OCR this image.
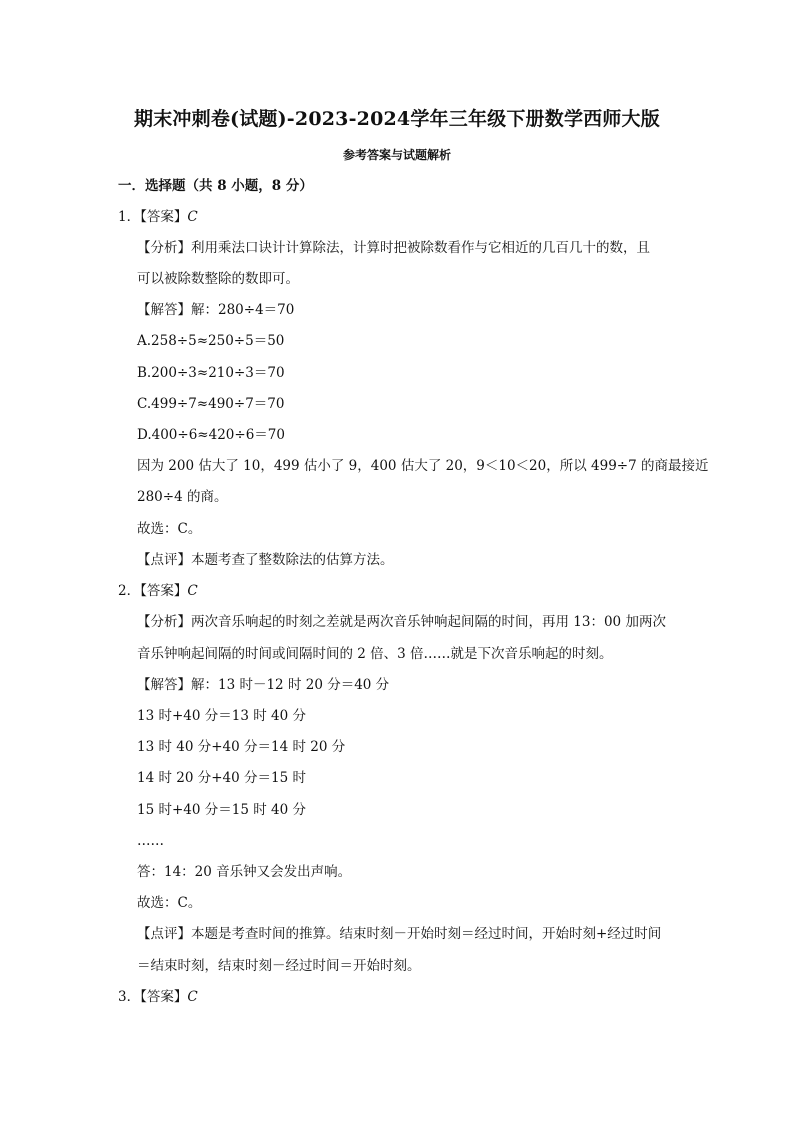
期末冲刺卷(试题)-2023-2024学年三年级下册数学西师大版
参考答案与试题解析
一．选择题（共 8 小题，8 分）
1．【答案】C
【分析】利用乘法口诀计计算除法，计算时把被除数看作与它相近的几百几十的数，且
可以被除数整除的数即可。
【解答】解：280÷4＝70
A.258÷5≈250÷5＝50
B.200÷3≈210÷3＝70
C.499÷7≈490÷7＝70
D.400÷6≈420÷6＝70
因为 200 估大了 10，499 估小了 9，400 估大了 20，9＜10＜20，所以 499÷7 的商最接近
280÷4 的商。
故选：C。
【点评】本题考查了整数除法的估算方法。
2．【答案】C
【分析】两次音乐响起的时刻之差就是两次音乐钟响起间隔的时间，再用 13：00 加两次
音乐钟响起间隔的时间或间隔时间的 2 倍、3 倍……就是下次音乐响起的时刻。
【解答】解：13 时－12 时 20 分＝40 分
13 时+40 分＝13 时 40 分
13 时 40 分+40 分＝14 时 20 分
14 时 20 分+40 分＝15 时
15 时+40 分＝15 时 40 分
……
答：14：20 音乐钟又会发出声响。
故选：C。
【点评】本题是考查时间的推算。结束时刻－开始时刻＝经过时间，开始时刻+经过时间
＝结束时刻，结束时刻－经过时间＝开始时刻。
3．【答案】C
